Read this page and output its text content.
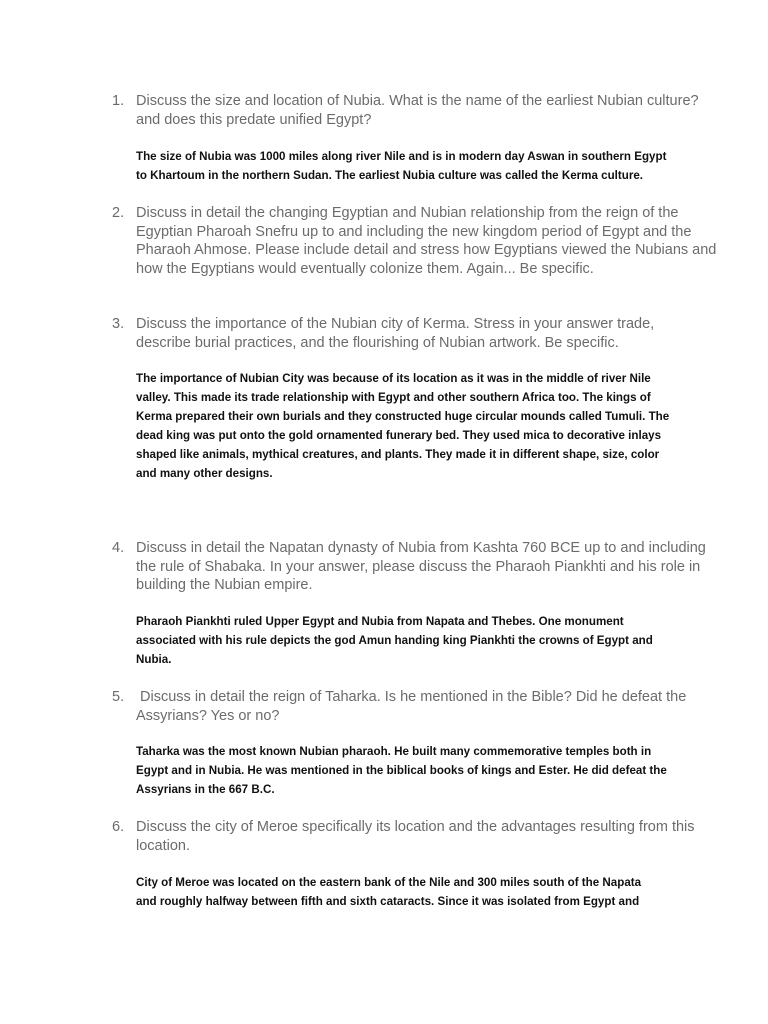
1. Discuss the size and location of Nubia. What is the name of the earliest Nubian culture?
and does this predate unified Egypt?
The size of Nubia was 1000 miles along river Nile and is in modern day Aswan in southern Egypt
to Khartoum in the northern Sudan. The earliest Nubia culture was called the Kerma culture.
2. Discuss in detail the changing Egyptian and Nubian relationship from the reign of the
Egyptian Pharoah Snefru up to and including the new kingdom period of Egypt and the
Pharaoh Ahmose. Please include detail and stress how Egyptians viewed the Nubians and
how the Egyptians would eventually colonize them. Again... Be specific.
3. Discuss the importance of the Nubian city of Kerma. Stress in your answer trade,
describe burial practices, and the flourishing of Nubian artwork. Be specific.
The importance of Nubian City was because of its location as it was in the middle of river Nile
valley. This made its trade relationship with Egypt and other southern Africa too. The kings of
Kerma prepared their own burials and they constructed huge circular mounds called Tumuli. The
dead king was put onto the gold ornamented funerary bed. They used mica to decorative inlays
shaped like animals, mythical creatures, and plants. They made it in different shape, size, color
and many other designs.
4. Discuss in detail the Napatan dynasty of Nubia from Kashta 760 BCE up to and including
the rule of Shabaka. In your answer, please discuss the Pharaoh Piankhti and his role in
building the Nubian empire.
Pharaoh Piankhti ruled Upper Egypt and Nubia from Napata and Thebes. One monument
associated with his rule depicts the god Amun handing king Piankhti the crowns of Egypt and
Nubia.
5. Discuss in detail the reign of Taharka. Is he mentioned in the Bible? Did he defeat the
Assyrians? Yes or no?
Taharka was the most known Nubian pharaoh. He built many commemorative temples both in
Egypt and in Nubia. He was mentioned in the biblical books of kings and Ester. He did defeat the
Assyrians in the 667 B.C.
6. Discuss the city of Meroe specifically its location and the advantages resulting from this
location.
City of Meroe was located on the eastern bank of the Nile and 300 miles south of the Napata
and roughly halfway between fifth and sixth cataracts. Since it was isolated from Egypt and
